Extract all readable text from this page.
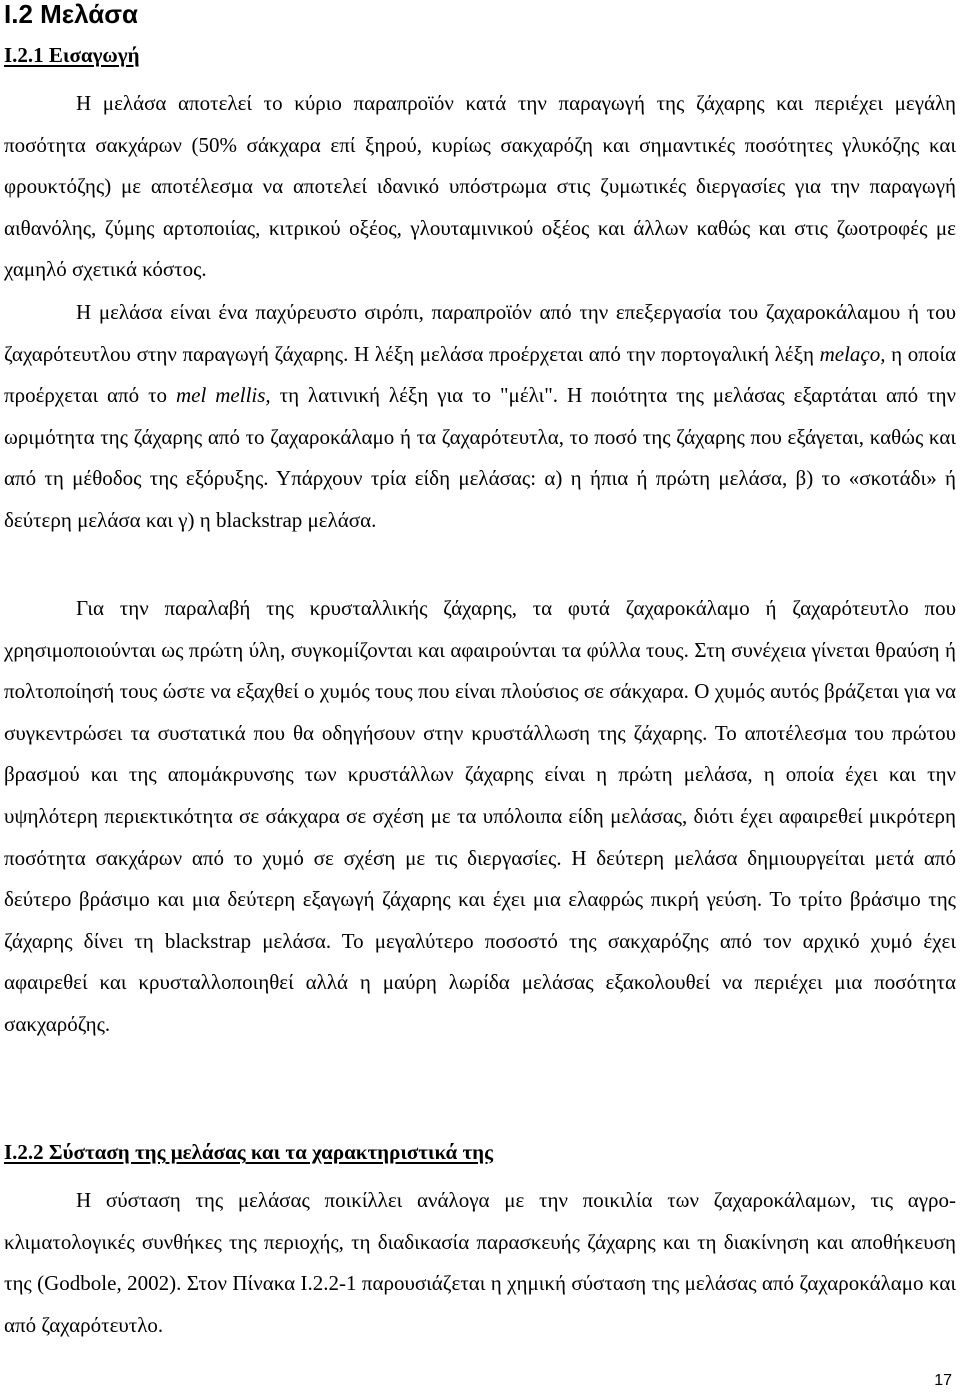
I.2 Μελάσα
I.2.1 Εισαγωγή

Η μελάσα αποτελεί το κύριο παραπροϊόν κατά την παραγωγή της ζάχαρης και περιέχει μεγάλη ποσότητα σακχάρων (50% σάκχαρα επί ξηρού, κυρίως σακχαρόζη και σημαντικές ποσότητες γλυκόζης και φρουκτόζης) με αποτέλεσμα να αποτελεί ιδανικό υπόστρωμα στις ζυμωτικές διεργασίες για την παραγωγή αιθανόλης, ζύμης αρτοποιίας, κιτρικού οξέος, γλουταμινικού οξέος και άλλων καθώς και στις ζωοτροφές με χαμηλό σχετικά κόστος.

Η μελάσα είναι ένα παχύρευστο σιρόπι, παραπροϊόν από την επεξεργασία του ζαχαροκάλαμου ή του ζαχαρότευτλου στην παραγωγή ζάχαρης. Η λέξη μελάσα προέρχεται από την πορτογαλική λέξη melaço, η οποία προέρχεται από το mel mellis, τη λατινική λέξη για το "μέλι". Η ποιότητα της μελάσας εξαρτάται από την ωριμότητα της ζάχαρης από το ζαχαροκάλαμο ή τα ζαχαρότευτλα, το ποσό της ζάχαρης που εξάγεται, καθώς και από τη μέθοδος της εξόρυξης. Υπάρχουν τρία είδη μελάσας: α) η ήπια ή πρώτη μελάσα, β) το «σκοτάδι» ή δεύτερη μελάσα και γ) η blackstrap μελάσα.

Για την παραλαβή της κρυσταλλικής ζάχαρης, τα φυτά ζαχαροκάλαμο ή ζαχαρότευτλο που χρησιμοποιούνται ως πρώτη ύλη, συγκομίζονται και αφαιρούνται τα φύλλα τους. Στη συνέχεια γίνεται θραύση ή πολτοποίησή τους ώστε να εξαχθεί ο χυμός τους που είναι πλούσιος σε σάκχαρα. Ο χυμός αυτός βράζεται για να συγκεντρώσει τα συστατικά που θα οδηγήσουν στην κρυστάλλωση της ζάχαρης. Το αποτέλεσμα του πρώτου βρασμού και της απομάκρυνσης των κρυστάλλων ζάχαρης είναι η πρώτη μελάσα, η οποία έχει και την υψηλότερη περιεκτικότητα σε σάκχαρα σε σχέση με τα υπόλοιπα είδη μελάσας, διότι έχει αφαιρεθεί μικρότερη ποσότητα σακχάρων από το χυμό σε σχέση με τις διεργασίες. Η δεύτερη μελάσα δημιουργείται μετά από δεύτερο βράσιμο και μια δεύτερη εξαγωγή ζάχαρης και έχει μια ελαφρώς πικρή γεύση. Το τρίτο βράσιμο της ζάχαρης δίνει τη blackstrap μελάσα. Το μεγαλύτερο ποσοστό της σακχαρόζης από τον αρχικό χυμό έχει αφαιρεθεί και κρυσταλλοποιηθεί αλλά η μαύρη λωρίδα μελάσας εξακολουθεί να περιέχει μια ποσότητα σακχαρόζης.

I.2.2 Σύσταση της μελάσας και τα χαρακτηριστικά της

Η σύσταση της μελάσας ποικίλλει ανάλογα με την ποικιλία των ζαχαροκάλαμων, τις αγρο-κλιματολογικές συνθήκες της περιοχής, τη διαδικασία παρασκευής ζάχαρης και τη διακίνηση και αποθήκευση της (Godbole, 2002). Στον Πίνακα I.2.2-1 παρουσιάζεται η χημική σύσταση της μελάσας από ζαχαροκάλαμο και από ζαχαρότευτλο.

17
